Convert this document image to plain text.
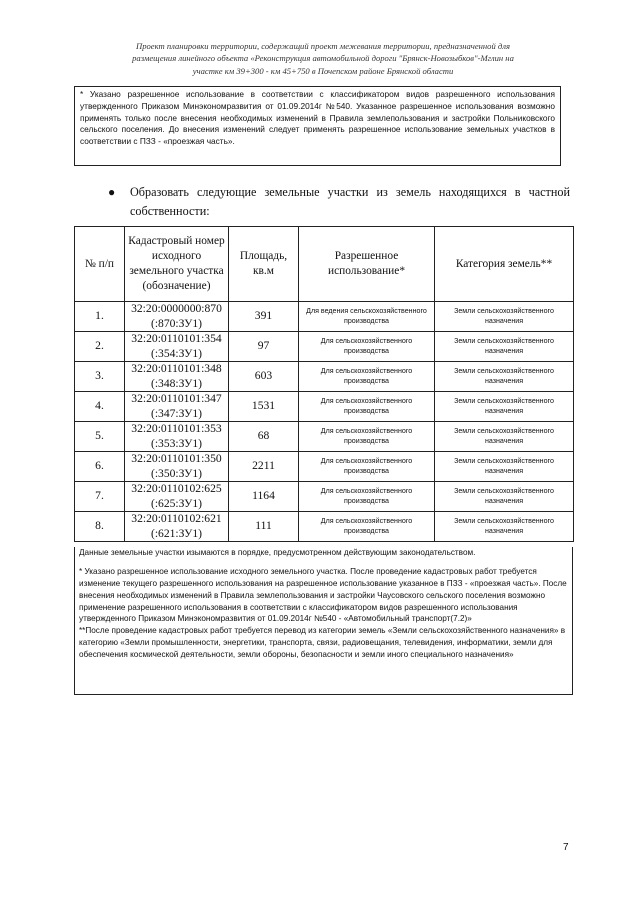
Проект планировки территории, содержащий проект межевания территории, предназначенной для
размещения линейного объекта «Реконструкция автомобильной дороги "Брянск-Новозыбков"-Мглин на
участке км 39+300 - км 45+750 в Почепском районе Брянской области
* Указано разрешенное использование в соответствии с классификатором видов разрешенного использования утвержденного Приказом Минэкономразвития от 01.09.2014г №540. Указанное разрешенное использования возможно применять только после внесения необходимых изменений в Правила землепользования и застройки Польниковского сельского поселения. До внесения изменений следует применять разрешенное использование земельных участков в соответствии с ПЗЗ - «проезжая часть».
● Образовать следующие земельные участки из земель находящихся в частной собственности:
№ п/п	Кадастровый номер исходного земельного участка (обозначение)	Площадь, кв.м	Разрешенное использование*	Категория земель**
1.	32:20:0000000:870
(:870:ЗУ1)	391	Для ведения сельскохозяйственного производства	Земли сельскохозяйственного назначения
2.	32:20:0110101:354
(:354:ЗУ1)	97	Для сельскохозяйственного производства	Земли сельскохозяйственного назначения
3.	32:20:0110101:348
(:348:ЗУ1)	603	Для сельскохозяйственного производства	Земли сельскохозяйственного назначения
4.	32:20:0110101:347
(:347:ЗУ1)	1531	Для сельскохозяйственного производства	Земли сельскохозяйственного назначения
5.	32:20:0110101:353
(:353:ЗУ1)	68	Для сельскохозяйственного производства	Земли сельскохозяйственного назначения
6.	32:20:0110101:350
(:350:ЗУ1)	2211	Для сельскохозяйственного производства	Земли сельскохозяйственного назначения
7.	32:20:0110102:625
(:625:ЗУ1)	1164	Для сельскохозяйственного производства	Земли сельскохозяйственного назначения
8.	32:20:0110102:621
(:621:ЗУ1)	111	Для сельскохозяйственного производства	Земли сельскохозяйственного назначения
Данные земельные участки изымаются в порядке, предусмотренном действующим законодательством.
* Указано разрешенное использование исходного земельного участка. После проведение кадастровых работ требуется изменение текущего разрешенного использования на разрешенное использование указанное в ПЗЗ - «проезжая часть». После внесения необходимых изменений в Правила землепользования и застройки Чаусовского сельского поселения возможно применение разрешенного использования в соответствии с классификатором видов разрешенного использования утвержденного Приказом Минэкономразвития от 01.09.2014г №540 - «Автомобильный транспорт(7.2)»
**После проведение кадастровых работ требуется перевод из категории земель «Земли сельскохозяйственного назначения» в категорию «Земли промышленности, энергетики, транспорта, связи, радиовещания, телевидения, информатики, земли для обеспечения космической деятельности, земли обороны, безопасности и земли иного специального назначения»
7
